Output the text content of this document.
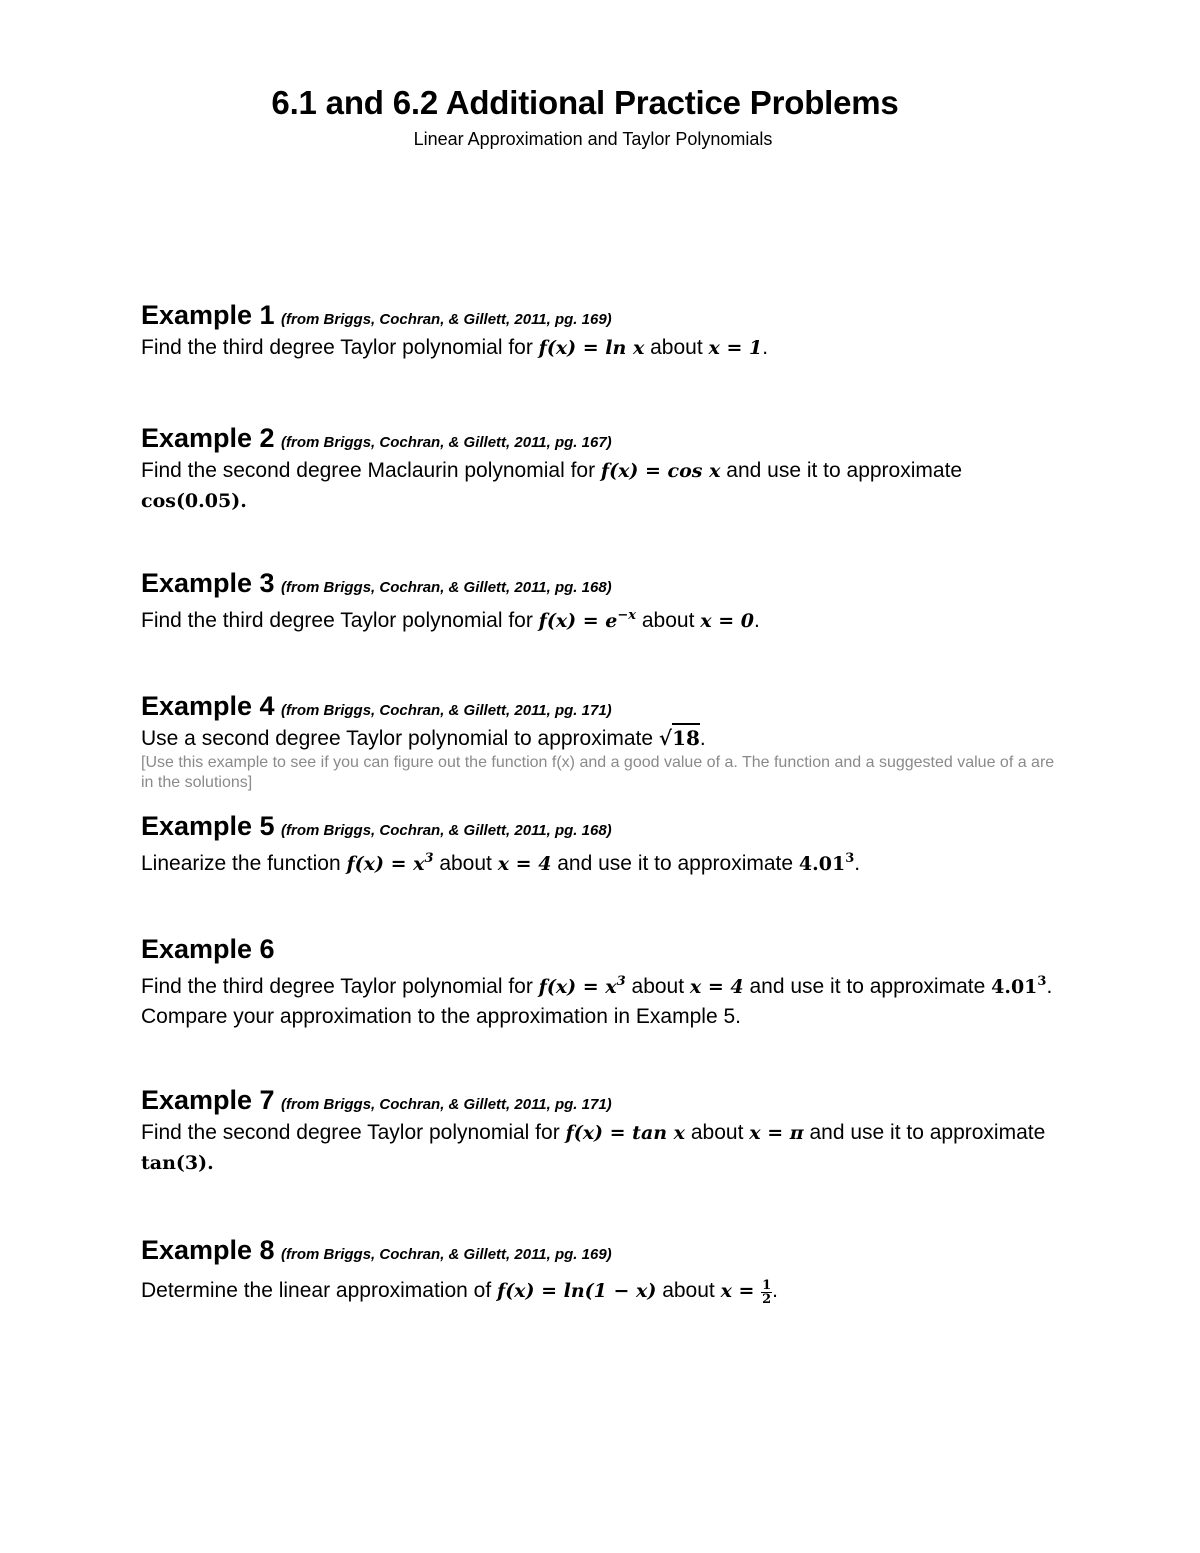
6.1 and 6.2 Additional Practice Problems
Linear Approximation and Taylor Polynomials
Example 1 (from Briggs, Cochran, & Gillett, 2011, pg. 169)
Find the third degree Taylor polynomial for f(x) = ln x about x = 1.
Example 2 (from Briggs, Cochran, & Gillett, 2011, pg. 167)
Find the second degree Maclaurin polynomial for f(x) = cos x and use it to approximate cos(0.05).
Example 3 (from Briggs, Cochran, & Gillett, 2011, pg. 168)
Find the third degree Taylor polynomial for $f(x) = e^{-x}$ about x = 0.
Example 4 (from Briggs, Cochran, & Gillett, 2011, pg. 171)
Use a second degree Taylor polynomial to approximate √18.
[Use this example to see if you can figure out the function f(x) and a good value of a. The function and a suggested value of a are in the solutions]
Example 5 (from Briggs, Cochran, & Gillett, 2011, pg. 168)
Linearize the function $f(x) = x^3$ about x = 4 and use it to approximate 4.01$^3$.
Example 6
Find the third degree Taylor polynomial for $f(x) = x^3$ about x = 4 and use it to approximate 4.01$^3$. Compare your approximation to the approximation in Example 5.
Example 7 (from Briggs, Cochran, & Gillett, 2011, pg. 171)
Find the second degree Taylor polynomial for f(x) = tan x about x = π and use it to approximate tan(3).
Example 8 (from Briggs, Cochran, & Gillett, 2011, pg. 169)
Determine the linear approximation of f(x) = ln(1 − x) about $x = \frac{1}{2}$ .
